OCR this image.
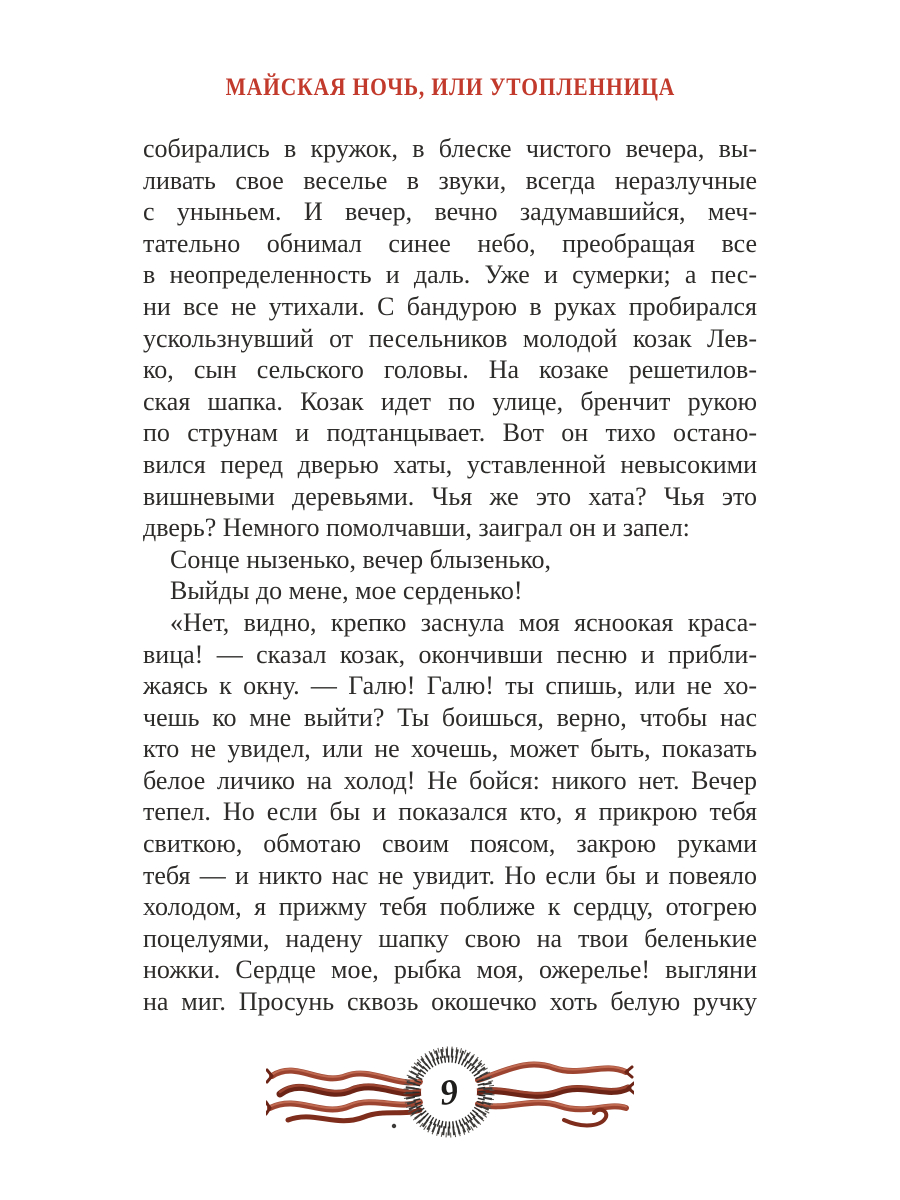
МАЙСКАЯ НОЧЬ, ИЛИ УТОПЛЕННИЦА
собирались в кружок, в блеске чистого вечера, вы-
ливать свое веселье в звуки, всегда неразлучные
с уныньем. И вечер, вечно задумавшийся, меч-
тательно обнимал синее небо, преобращая все
в неопределенность и даль. Уже и сумерки; а пес-
ни все не утихали. С бандурою в руках пробирался
ускользнувший от песельников молодой козак Лев-
ко, сын сельского головы. На козаке решетилов-
ская шапка. Козак идет по улице, бренчит рукою
по струнам и подтанцывает. Вот он тихо остано-
вился перед дверью хаты, уставленной невысокими
вишневыми деревьями. Чья же это хата? Чья это
дверь? Немного помолчавши, заиграл он и запел:
Сонце нызенько, вечер блызенько,
Выйды до мене, мое серденько!
«Нет, видно, крепко заснула моя ясноокая краса-
вица! — сказал козак, окончивши песню и прибли-
жаясь к окну. — Галю! Галю! ты спишь, или не хо-
чешь ко мне выйти? Ты боишься, верно, чтобы нас
кто не увидел, или не хочешь, может быть, показать
белое личико на холод! Не бойся: никого нет. Вечер
тепел. Но если бы и показался кто, я прикрою тебя
свиткою, обмотаю своим поясом, закрою руками
тебя — и никто нас не увидит. Но если бы и повеяло
холодом, я прижму тебя поближе к сердцу, отогрею
поцелуями, надену шапку свою на твои беленькие
ножки. Сердце мое, рыбка моя, ожерелье! выгляни
на миг. Просунь сквозь окошечко хоть белую ручку
9
